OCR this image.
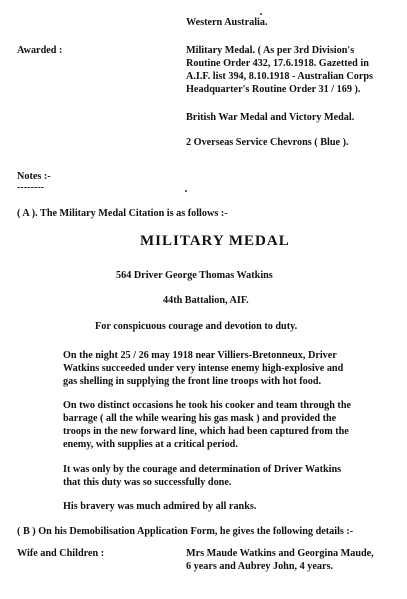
Western Australia.
Awarded :	Military Medal. ( As per 3rd Division's
Routine Order 432, 17.6.1918. Gazetted in
A.I.F. list 394, 8.10.1918 - Australian Corps
Headquarter's Routine Order 31 / 169 ).
British War Medal and Victory Medal.
2 Overseas Service Chevrons ( Blue ).
Notes :-
--------
( A ). The Military Medal Citation is as follows :-
MILITARY MEDAL
564 Driver George Thomas Watkins
44th Battalion, AIF.
For conspicuous courage and devotion to duty.
On the night 25 / 26 may 1918 near Villiers-Bretonneux, Driver
Watkins succeeded under very intense enemy high-explosive and
gas shelling in supplying the front line troops with hot food.
On two distinct occasions he took his cooker and team through the
barrage ( all the while wearing his gas mask ) and provided the
troops in the new forward line, which had been captured from the
enemy, with supplies at a critical period.
It was only by the courage and determination of Driver Watkins
that this duty was so successfully done.
His bravery was much admired by all ranks.
( B ) On his Demobilisation Application Form, he gives the following details :-
Wife and Children :	Mrs Maude Watkins and Georgina Maude,
6 years and Aubrey John, 4 years.
